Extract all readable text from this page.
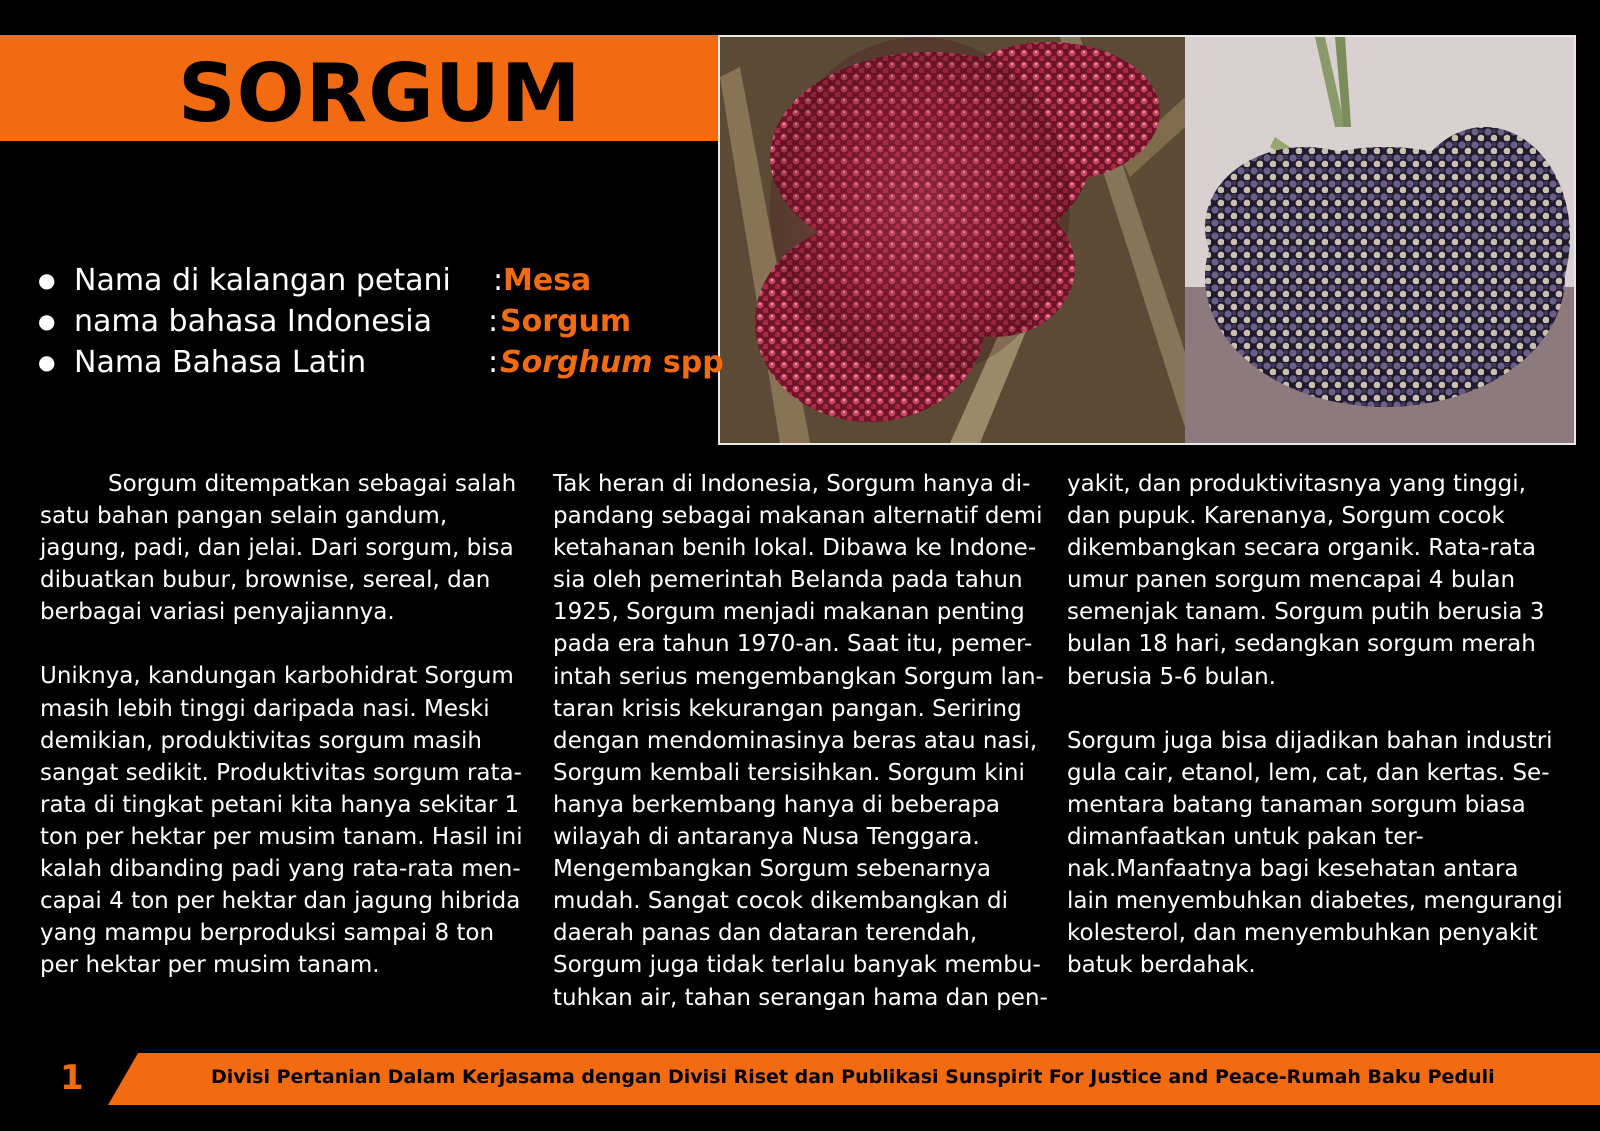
SORGUM
● Nama di kalangan petani : Mesa
● nama bahasa Indonesia : Sorgum
● Nama Bahasa Latin	: Sorghum spp
Sorgum ditempatkan sebagai salah
satu bahan pangan selain gandum,
jagung, padi, dan jelai. Dari sorgum, bisa
dibuatkan bubur, brownise, sereal, dan
berbagai variasi penyajiannya.
Uniknya, kandungan karbohidrat Sorgum
masih lebih tinggi daripada nasi. Meski
demikian, produktivitas sorgum masih
sangat sedikit. Produktivitas sorgum rata-
rata di tingkat petani kita hanya sekitar 1
ton per hektar per musim tanam. Hasil ini
kalah dibanding padi yang rata-rata men-
capai 4 ton per hektar dan jagung hibrida
yang mampu berproduksi sampai 8 ton
per hektar per musim tanam.
Tak heran di Indonesia, Sorgum hanya di-
pandang sebagai makanan alternatif demi
ketahanan benih lokal. Dibawa ke Indone-
sia oleh pemerintah Belanda pada tahun
1925, Sorgum menjadi makanan penting
pada era tahun 1970-an. Saat itu, pemer-
intah serius mengembangkan Sorgum lan-
taran krisis kekurangan pangan. Seriring
dengan mendominasinya beras atau nasi,
Sorgum kembali tersisihkan. Sorgum kini
hanya berkembang hanya di beberapa
wilayah di antaranya Nusa Tenggara.
Mengembangkan Sorgum sebenarnya
mudah. Sangat cocok dikembangkan di
daerah panas dan dataran terendah,
Sorgum juga tidak terlalu banyak membu-
tuhkan air, tahan serangan hama dan pen-
yakit, dan produktivitasnya yang tinggi,
dan pupuk. Karenanya, Sorgum cocok
dikembangkan secara organik. Rata-rata
umur panen sorgum mencapai 4 bulan
semenjak tanam. Sorgum putih berusia 3
bulan 18 hari, sedangkan sorgum merah
berusia 5-6 bulan.
Sorgum juga bisa dijadikan bahan industri
gula cair, etanol, lem, cat, dan kertas. Se-
mentara batang tanaman sorgum biasa
dimanfaatkan untuk pakan ter-
nak.Manfaatnya bagi kesehatan antara
lain menyembuhkan diabetes, mengurangi
kolesterol, dan menyembuhkan penyakit
batuk berdahak.
1	Divisi Pertanian Dalam Kerjasama dengan Divisi Riset dan Publikasi Sunspirit For Justice and Peace-Rumah Baku Peduli
